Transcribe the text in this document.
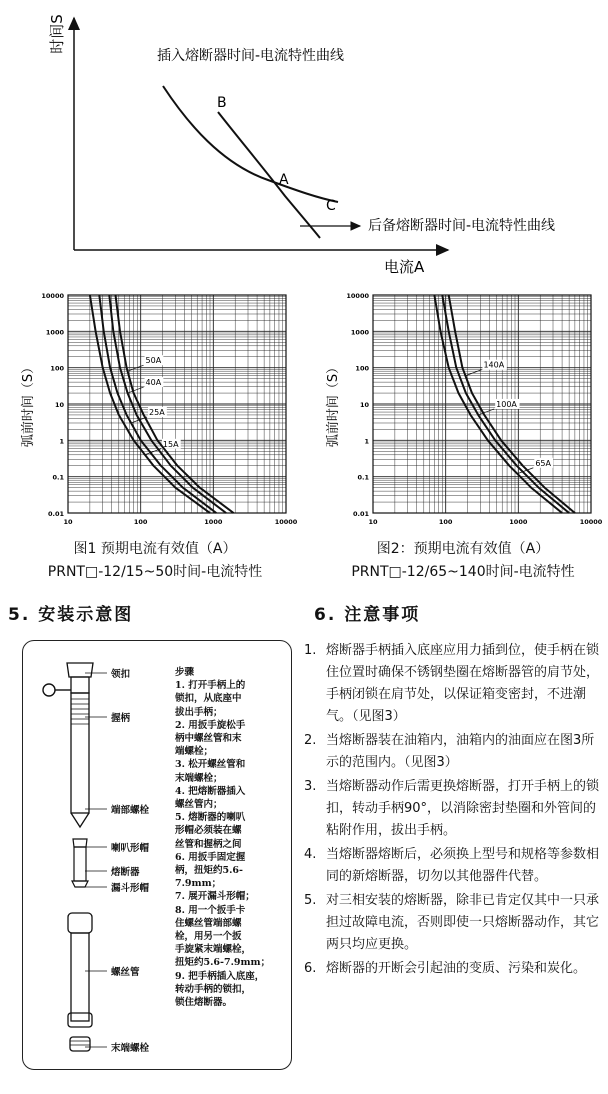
时间S
电流A
插入熔断器时间-电流特性曲线
后备熔断器时间-电流特性曲线
B
A
C
10000
1000
100
10
1
0.1
0.01
10	100	1000	10000
弧前时间（S）	15A
25A
40A
50A
图1 预期电流有效值（A）
PRNT□-12/15~50时间-电流特性
10000
1000
100
10
1
0.1
0.01
10	100	1000	10000
弧前时间（S）
65A
100A
140A
图2：预期电流有效值（A）
PRNT□-12/65~140时间-电流特性
5. 安装示意图
领扣
握柄
端部螺栓
喇叭形帽
熔断器
漏斗形帽
螺丝管
末端螺栓
步骤
1. 打开手柄上的
锁扣，从底座中
拔出手柄；
2. 用扳手旋松手
柄中螺丝管和末
端螺栓；
3. 松开螺丝管和
末端螺栓；
4. 把熔断器插入
螺丝管内；
5. 熔断器的喇叭
形帽必须装在螺
丝管和握柄之间
6. 用扳手固定握
柄，扭矩约5.6-
7.9mm；
7. 展开漏斗形帽；
8. 用一个扳手卡
住螺丝管端部螺
栓，用另一个扳
手旋紧末端螺栓，
扭矩约5.6-7.9mm；
9. 把手柄插入底座，
转动手柄的锁扣，
锁住熔断器。
6. 注意事项
1. 熔断器手柄插入底座应用力插到位，使手柄在锁住位置时确保不锈钢垫圈在熔断器管的肩节处，手柄闭锁在肩节处，以保证箱变密封，不进潮气。（见图3）
2. 当熔断器装在油箱内，油箱内的油面应在图3所示的范围内。（见图3）
3. 当熔断器动作后需更换熔断器，打开手柄上的锁扣，转动手柄90°，以消除密封垫圈和外管间的粘附作用，拔出手柄。
4. 当熔断器熔断后，必须换上型号和规格等参数相同的新熔断器，切勿以其他器件代替。
5. 对三相安装的熔断器，除非已肯定仅其中一只承担过故障电流，否则即使一只熔断器动作，其它两只均应更换。
6. 熔断器的开断会引起油的变质、污染和炭化。
